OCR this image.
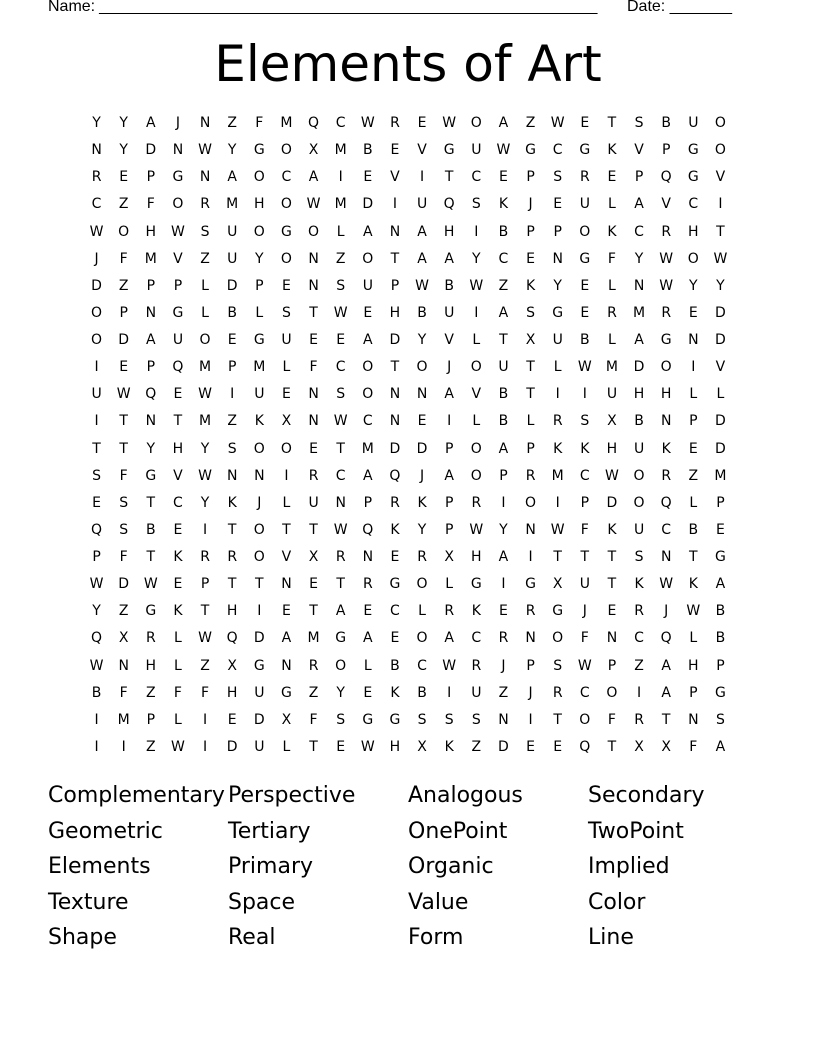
Name: ________________________________________________________ Date: _______
Elements of Art
Y	Y	A	J	N	Z	F	M	Q	C	W	R	E	W	O	A	Z	W	E	T	S	B	U	O
N	Y	D	N	W	Y	G	O	X	M	B	E	V	G	U	W	G	C	G	K	V	P	G	O
R	E	P	G	N	A	O	C	A	I	E	V	I	T	C	E	P	S	R	E	P	Q	G	V
C	Z	F	O	R	M	H	O	W	M	D	I	U	Q	S	K	J	E	U	L	A	V	C	I
W	O	H	W	S	U	O	G	O	L	A	N	A	H	I	B	P	P	O	K	C	R	H	T
J	F	M	V	Z	U	Y	O	N	Z	O	T	A	A	Y	C	E	N	G	F	Y	W	O	W
D	Z	P	P	L	D	P	E	N	S	U	P	W	B	W	Z	K	Y	E	L	N	W	Y	Y
O	P	N	G	L	B	L	S	T	W	E	H	B	U	I	A	S	G	E	R	M	R	E	D
O	D	A	U	O	E	G	U	E	E	A	D	Y	V	L	T	X	U	B	L	A	G	N	D
I	E	P	Q	M	P	M	L	F	C	O	T	O	J	O	U	T	L	W	M	D	O	I	V
U	W	Q	E	W	I	U	E	N	S	O	N	N	A	V	B	T	I	I	U	H	H	L	L
I	T	N	T	M	Z	K	X	N	W	C	N	E	I	L	B	L	R	S	X	B	N	P	D
T	T	Y	H	Y	S	O	O	E	T	M	D	D	P	O	A	P	K	K	H	U	K	E	D
S	F	G	V	W	N	N	I	R	C	A	Q	J	A	O	P	R	M	C	W	O	R	Z	M
E	S	T	C	Y	K	J	L	U	N	P	R	K	P	R	I	O	I	P	D	O	Q	L	P
Q	S	B	E	I	T	O	T	T	W	Q	K	Y	P	W	Y	N	W	F	K	U	C	B	E
P	F	T	K	R	R	O	V	X	R	N	E	R	X	H	A	I	T	T	T	S	N	T	G
W	D	W	E	P	T	T	N	E	T	R	G	O	L	G	I	G	X	U	T	K	W	K	A
Y	Z	G	K	T	H	I	E	T	A	E	C	L	R	K	E	R	G	J	E	R	J	W	B
Q	X	R	L	W	Q	D	A	M	G	A	E	O	A	C	R	N	O	F	N	C	Q	L	B
W	N	H	L	Z	X	G	N	R	O	L	B	C	W	R	J	P	S	W	P	Z	A	H	P
B	F	Z	F	F	H	U	G	Z	Y	E	K	B	I	U	Z	J	R	C	O	I	A	P	G
I	M	P	L	I	E	D	X	F	S	G	G	S	S	S	N	I	T	O	F	R	T	N	S
I	I	Z	W	I	D	U	L	T	E	W	H	X	K	Z	D	E	E	Q	T	X	X	F	A
Complementary Perspective	Analogous	Secondary
Geometric	Tertiary	OnePoint	TwoPoint
Elements	Primary	Organic	Implied
Texture	Space	Value	Color
Shape	Real	Form	Line
